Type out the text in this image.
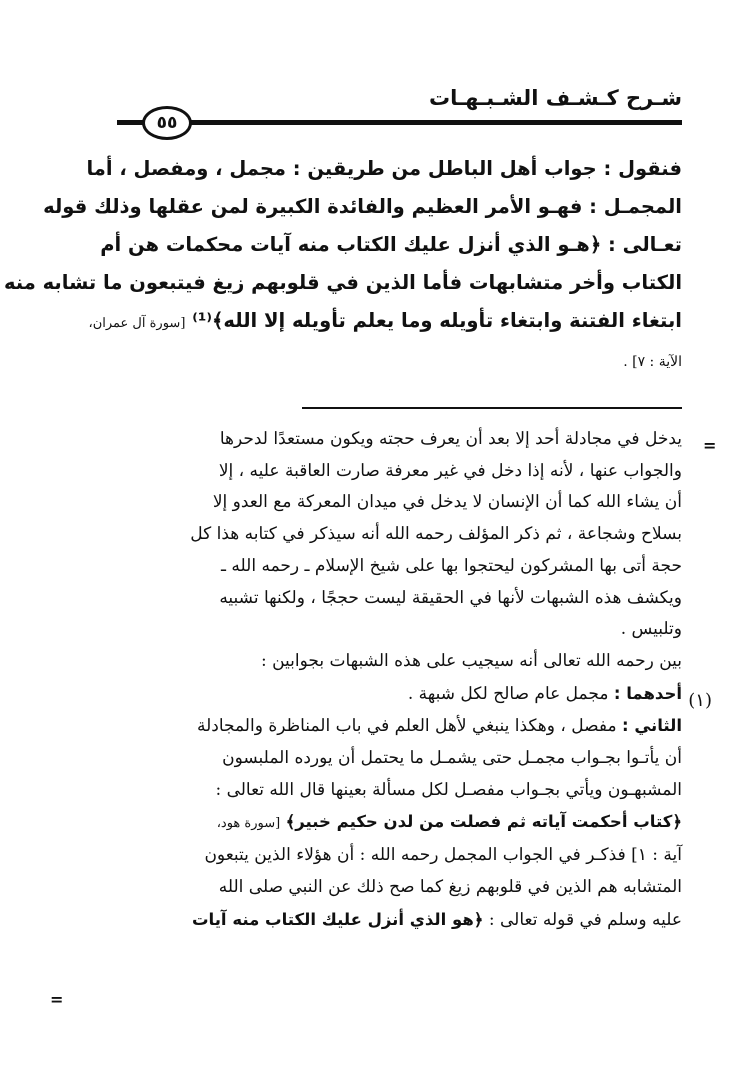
شـرح كـشـف الشـبـهـات
٥٥
فنقول : جواب أهل الباطل من طريقين : مجمل ، ومفصل ، أما
المجمـل : فهـو الأمر العظيم والفائدة الكبيرة لمن عقلها وذلك قوله
تعـالى : ﴿هـو الذي أنزل عليك الكتاب منه آيات محكمات هن أم
الكتاب وأخر متشابهات فأما الذين في قلوبهم زيغ فيتبعون ما تشابه منه
ابتغاء الفتنة وابتغاء تأويله وما يعلم تأويله إلا الله﴾⁽¹⁾ [سورة آل عمران،
الآية : ٧] .
=
=
يدخل في مجادلة أحد إلا بعد أن يعرف حجته ويكون مستعدًا لدحرها
والجواب عنها ، لأنه إذا دخل في غير معرفة صارت العاقبة عليه ، إلا
أن يشاء الله كما أن الإنسان لا يدخل في ميدان المعركة مع العدو إلا
بسلاح وشجاعة ، ثم ذكر المؤلف رحمه الله أنه سيذكر في كتابه هذا كل
حجة أتى بها المشركون ليحتجوا بها على شيخ الإسلام ـ رحمه الله ـ
ويكشف هذه الشبهات لأنها في الحقيقة ليست حججًا ، ولكنها تشبيه
وتلبيس .
بين رحمه الله تعالى أنه سيجيب على هذه الشبهات بجوابين :
أحدهما : مجمل عام صالح لكل شبهة .
الثاني : مفصل ، وهكذا ينبغي لأهل العلم في باب المناظرة والمجادلة
أن يأتـوا بجـواب مجمـل حتى يشمـل ما يحتمل أن يورده الملبسون
المشبهـون ويأتي بجـواب مفصـل لكل مسألة بعينها قال الله تعالى :
﴿كتاب أحكمت آياته ثم فصلت من لدن حكيم خبير﴾ [سورة هود،
آية : ١] فذكـر في الجواب المجمل رحمه الله : أن هؤلاء الذين يتبعون
المتشابه هم الذين في قلوبهم زيغ كما صح ذلك عن النبي صلى الله
عليه وسلم في قوله تعالى : ﴿هو الذي أنزل عليك الكتاب منه آيات
(١)
